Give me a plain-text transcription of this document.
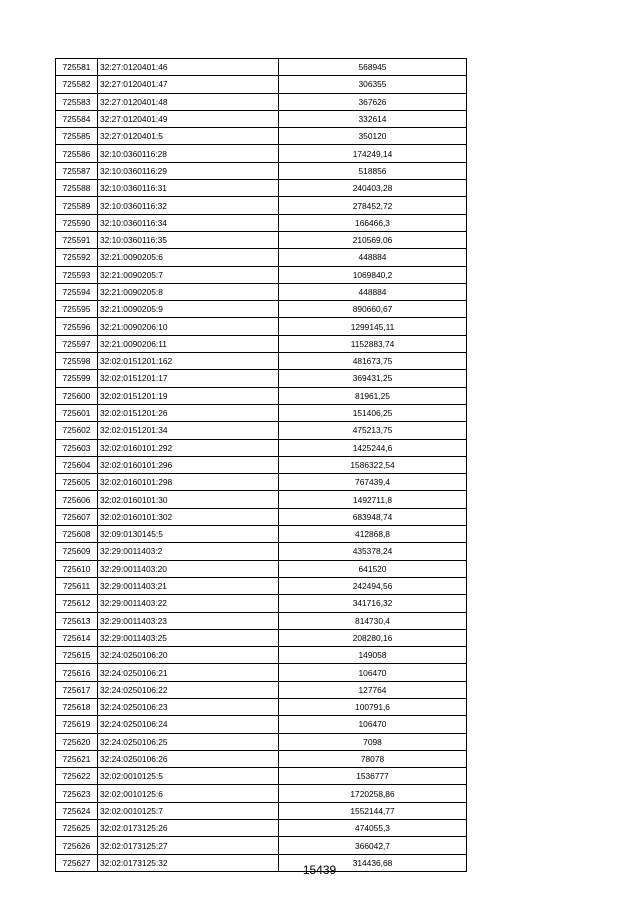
725581	32:27:0120401:46	568945
725582	32:27:0120401:47	306355
725583	32:27:0120401:48	367626
725584	32:27:0120401:49	332614
725585	32:27:0120401:5	350120
725586	32:10:0360116:28	174249,14
725587	32:10:0360116:29	518856
725588	32:10:0360116:31	240403,28
725589	32:10:0360116:32	278452,72
725590	32:10:0360116:34	166466,3
725591	32:10:0360116:35	210569,06
725592	32:21:0090205:6	448884
725593	32:21:0090205:7	1069840,2
725594	32:21:0090205:8	448884
725595	32:21:0090205:9	890660,67
725596	32:21:0090206:10	1299145,11
725597	32:21:0090206:11	1152883,74
725598	32:02:0151201:162	481673,75
725599	32:02:0151201:17	369431,25
725600	32:02:0151201:19	81961,25
725601	32:02:0151201:26	151406,25
725602	32:02:0151201:34	475213,75
725603	32:02:0160101:292	1425244,6
725604	32:02:0160101:296	1586322,54
725605	32:02:0160101:298	767439,4
725606	32:02:0160101:30	1492711,8
725607	32:02:0160101:302	683948,74
725608	32:09:0130145:5	412868,8
725609	32:29:0011403:2	435378,24
725610	32:29:0011403:20	641520
725611	32:29:0011403:21	242494,56
725612	32:29:0011403:22	341716,32
725613	32:29:0011403:23	814730,4
725614	32:29:0011403:25	208280,16
725615	32:24:0250106:20	149058
725616	32:24:0250106:21	106470
725617	32:24:0250106:22	127764
725618	32:24:0250106:23	100791,6
725619	32:24:0250106:24	106470
725620	32:24:0250106:25	7098
725621	32:24:0250106:26	78078
725622	32:02:0010125:5	1536777
725623	32:02:0010125:6	1720258,86
725624	32:02:0010125:7	1552144,77
725625	32:02:0173125:26	474055,3
725626	32:02:0173125:27	366042,7
725627	32:02:0173125:32	314436,68
15439
